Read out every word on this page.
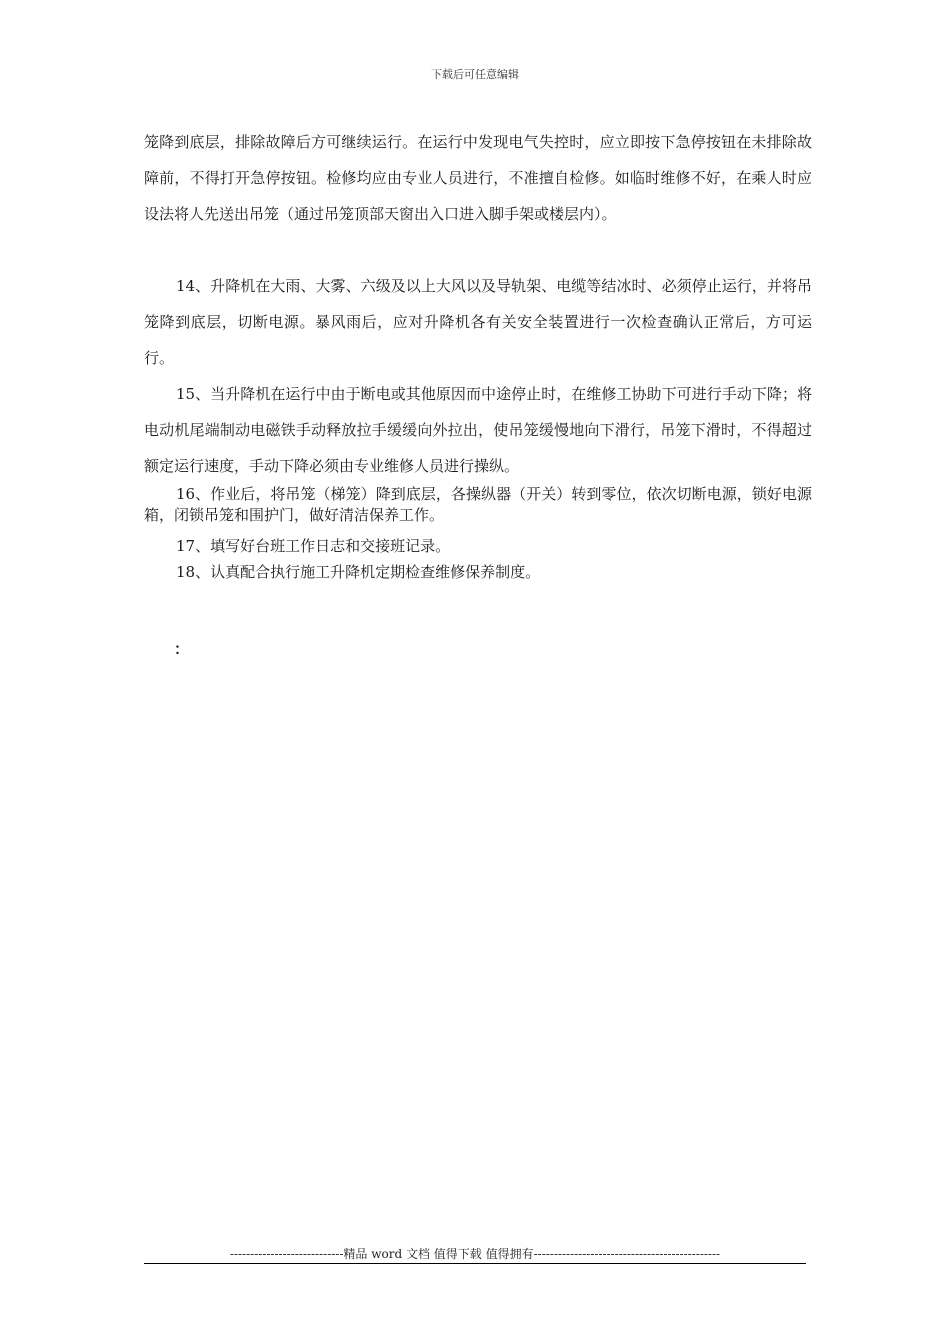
下载后可任意编辑

笼降到底层，排除故障后方可继续运行。在运行中发现电气失控时，应立即按下急停按钮在未排除故障前，不得打开急停按钮。检修均应由专业人员进行，不准擅自检修。如临时维修不好，在乘人时应设法将人先送出吊笼（通过吊笼顶部天窗出入口进入脚手架或楼层内）。

14、升降机在大雨、大雾、六级及以上大风以及导轨架、电缆等结冰时、必须停止运行，并将吊笼降到底层，切断电源。暴风雨后，应对升降机各有关安全装置进行一次检查确认正常后，方可运行。

15、当升降机在运行中由于断电或其他原因而中途停止时，在维修工协助下可进行手动下降；将电动机尾端制动电磁铁手动释放拉手缓缓向外拉出，使吊笼缓慢地向下滑行，吊笼下滑时，不得超过额定运行速度，手动下降必须由专业维修人员进行操纵。

16、作业后，将吊笼（梯笼）降到底层，各操纵器（开关）转到零位，依次切断电源，锁好电源箱，闭锁吊笼和围护门，做好清洁保养工作。

17、填写好台班工作日志和交接班记录。

18、认真配合执行施工升降机定期检查维修保养制度。

：
----------------------------精品 word 文档 值得下载 值得拥有----------------------------------------------
